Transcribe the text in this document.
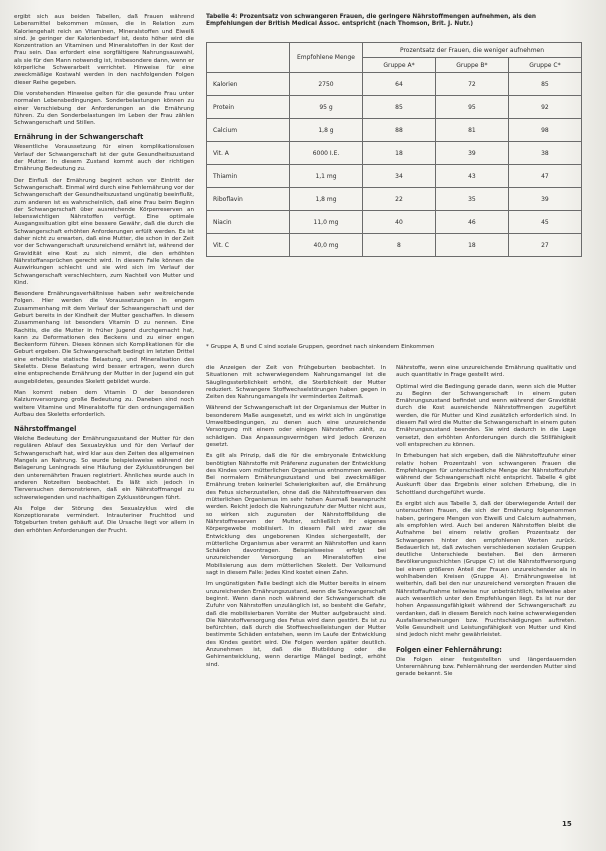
ergibt sich aus beiden Tabellen, daß Frauen während Lebensmittel bekommen müssen, die in Relation zum Kaloriengehalt reich an Vitaminen, Mineralstoffen und Eiweiß sind. Je geringer der Kalorienbedarf ist, desto höher wird die Konzentration an Vitaminen und Mineralstoffen in der Kost der Frau sein. Das erfordert eine sorgfältigere Nahrungsauswahl, als sie für den Mann notwendig ist, insbesondere dann, wenn er körperliche Schwerarbeit verrichtet. Hinweise für eine zweckmäßige Kostwahl werden in den nachfolgenden Folgen dieser Reihe gegeben.

Die vorstehenden Hinweise gelten für die gesunde Frau unter normalen Lebensbedingungen. Sonderbelastungen können zu einer Verschiebung der Anforderungen an die Ernährung führen. Zu den Sonderbelastungen im Leben der Frau zählen Schwangerschaft und Stillen.

Ernährung in der Schwangerschaft

Wesentliche Voraussetzung für einen komplikationslosen Verlauf der Schwangerschaft ist der gute Gesundheitszustand der Mutter. In diesem Zustand kommt auch der richtigen Ernährung Bedeutung zu.

Der Einfluß der Ernährung beginnt schon vor Eintritt der Schwangerschaft. Einmal wird durch eine Fehlernährung vor der Schwangerschaft der Gesundheitszustand ungünstig beeinflußt, zum anderen ist es wahrscheinlich, daß eine Frau beim Beginn der Schwangerschaft über ausreichende Körperreserven an lebenswichtigen Nährstoffen verfügt. Eine optimale Ausgangssituation gibt eine bessere Gewähr, daß die durch die Schwangerschaft erhöhten Anforderungen erfüllt werden. Es ist daher nicht zu erwarten, daß eine Mutter, die schon in der Zeit vor der Schwangerschaft unzureichend ernährt ist, während der Gravidität eine Kost zu sich nimmt, die den erhöhten Nährstoffansprüchen gerecht wird. In diesem Falle können die Auswirkungen schlecht und sie wird sich im Verlauf der Schwangerschaft verschlechtern, zum Nachteil von Mutter und Kind.

Besondere Ernährungsverhältnisse haben sehr weitreichende Folgen. Hier werden die Voraussetzungen in engem Zusammenhang mit dem Verlauf der Schwangerschaft und der Geburt bereits in der Kindheit der Mutter geschaffen. In diesem Zusammenhang ist besonders Vitamin D zu nennen. Eine Rachitis, die die Mutter in früher Jugend durchgemacht hat, kann zu Deformationen des Beckens und zu einer engen Beckenform führen. Dieses können sich Komplikationen für die Geburt ergeben. Die Schwangerschaft bedingt im letzten Drittel eine erhebliche statische Belastung, und Mineralisation des Skeletts. Diese Belastung wird besser ertragen, wenn durch eine entsprechende Ernährung der Mutter in der Jugend ein gut ausgebildetes, gesundes Skelett gebildet wurde.

Man kommt neben dem Vitamin D der besonderen Kalziumversorgung große Bedeutung zu. Daneben sind noch weitere Vitamine und Mineralstoffe für den ordnungsgemäßen Aufbau des Skeletts erforderlich.

Nährstoffmangel

Welche Bedeutung der Ernährungszustand der Mutter für den regulären Ablauf des Sexualzyklus und für den Verlauf der Schwangerschaft hat, wird klar aus den Zeiten des allgemeinen Mangels an Nahrung. So wurde beispielsweise während der Belagerung Leningrads eine Häufung der Zyklusstörungen bei den unterernährten Frauen registriert. Ähnliches wurde auch in anderen Notzeiten beobachtet. Es läßt sich jedoch in Tierversuchen demonstrieren, daß ein Nährstoffmangel zu schwerwiegenden und nachhaltigen Zyklusstörungen führt.

Als Folge der Störung des Sexualzyklus wird die Konzeptionsrate vermindert. Intrauteriner Fruchttod und Totgeburten treten gehäuft auf. Die Ursache liegt vor allem in den erhöhten Anforderungen der Frucht.

Tabelle 4: Prozentsatz von schwangeren Frauen, die geringere Nährstoffmengen aufnehmen, als den Empfehlungen der British Medical Assoc. entspricht (nach Thomson, Brit. J. Nutr.)
	Empfohlene Menge	Prozentsatz der Frauen, die weniger aufnehmen		
		Gruppe A*	Gruppe B*	Gruppe C*
Kalorien	2750	64	72	85
Protein	95 g	85	95	92
Calcium	1,8 g	88	81	98
Vit. A	6000 I.E.	18	39	38
Thiamin	1,1 mg	34	43	47
Riboflavin	1,8 mg	22	35	39
Niacin	11,0 mg	40	46	45
Vit. C	40,0 mg	8	18	27
* Gruppe A, B und C sind soziale Gruppen, geordnet nach sinkendem Einkommen

die Anzeigen der Zeit von Frühgeburten beobachtet. In Situationen mit schwerwiegendem Nahrungsmangel ist die Säuglingssterblichkeit erhöht, die Sterblichkeit der Mutter reduziert. Schwangere Stoffwechselstörungen haben gegen in Zeiten des Nahrungsmangels ihr vermindertes Zeitmaß.

Während der Schwangerschaft ist der Organismus der Mutter in besonderem Maße ausgesetzt, und es wirkt sich in ungünstige Umweltbedingungen, zu denen auch eine unzureichende Versorgung mit einem oder einigen Nährstoffen zählt, zu schädigen. Das Anpassungsvermögen wird jedoch Grenzen gesetzt.

Es gilt als Prinzip, daß die für die embryonale Entwicklung benötigten Nährstoffe mit Präferenz zugunsten der Entwicklung des Kindes vom mütterlichen Organismus entnommen werden. Bei normalem Ernährungszustand und bei zweckmäßiger Ernährung treten keinerlei Schwierigkeiten auf, die Ernährung des Fetus sicherzustellen, ohne daß die Nährstoffreserven des mütterlichen Organismus im sehr hohen Ausmaß beansprucht werden. Reicht jedoch die Nahrungszufuhr der Mutter nicht aus, so wirken sich zugunsten der Nährstoffbildung die Nährstoffreserven der Mutter, schließlich ihr eigenes Körpergewebe mobilisiert. In diesem Fall wird zwar die Entwicklung des ungeborenen Kindes sichergestellt, der mütterliche Organismus aber verarmt an Nährstoffen und kann Schäden davontragen. Beispielsweise erfolgt bei unzureichender Versorgung an Mineralstoffen eine Mobilisierung aus dem mütterlichen Skelett. Der Volksmund sagt in diesem Falle: Jedes Kind kostet einen Zahn.

Im ungünstigsten Falle bedingt sich die Mutter bereits in einem unzureichenden Ernährungszustand, wenn die Schwangerschaft beginnt. Wenn dann noch während der Schwangerschaft die Zufuhr von Nährstoffen unzulänglich ist, so besteht die Gefahr, daß die mobilisierbaren Vorräte der Mutter aufgebraucht sind. Die Nährstoffversorgung des Fetus wird dann gestört. Es ist zu befürchten, daß durch die Stoffwechselleistungen der Mutter bestimmte Schäden entstehen, wenn im Laufe der Entwicklung des Kindes gestört wird. Die Folgen werden später deutlich. Anzunehmen ist, daß die Blutbildung oder die Gehirnentwicklung, wenn derartige Mängel bedingt, erhöht sind.

Nährstoffe, wenn eine unzureichende Ernährung qualitativ und auch quantitativ in Frage gestellt wird.

Optimal wird die Bedingung gerade dann, wenn sich die Mutter zu Beginn der Schwangerschaft in einem guten Ernährungszustand befindet und wenn während der Gravidität durch die Kost ausreichende Nährstoffmengen zugeführt werden, die für Mutter und Kind zusätzlich erforderlich sind. In diesem Fall wird die Mutter die Schwangerschaft in einem guten Ernährungszustand beenden. Sie wird dadurch in die Lage versetzt, den erhöhten Anforderungen durch die Stillfähigkeit voll entsprechen zu können.

In Erhebungen hat sich ergeben, daß die Nährstoffzufuhr einer relativ hohen Prozentzahl von schwangeren Frauen die Empfehlungen für unterschiedliche Menge der Nährstoffzufuhr während der Schwangerschaft nicht entspricht. Tabelle 4 gibt Auskunft über das Ergebnis einer solchen Erhebung, die in Schottland durchgeführt wurde.

Es ergibt sich aus Tabelle 3, daß der überwiegende Anteil der untersuchten Frauen, die sich der Ernährung folgenommen haben, geringere Mengen von Eiweiß und Calcium aufnahmen, als empfohlen wird. Auch bei anderen Nährstoffen bleibt die Aufnahme bei einem relativ großen Prozentsatz der Schwangeren hinter den empfohlenen Werten zurück. Bedauerlich ist, daß zwischen verschiedenen sozialen Gruppen deutliche Unterschiede bestehen. Bei den ärmeren Bevölkerungsschichten (Gruppe C) ist die Nährstoffversorgung bei einem größeren Anteil der Frauen unzureichender als in wohlhabenden Kreisen (Gruppe A). Ernährungsweise ist weiterhin, daß bei den nur unzureichend versorgten Frauen die Nährstoffaufnahme teilweise nur unbeträchtlich, teilweise aber auch wesentlich unter den Empfehlungen liegt. Es ist nur der hohen Anpassungsfähigkeit während der Schwangerschaft zu verdanken, daß in diesem Bereich noch keine schwerwiegenden Ausfallserscheinungen bzw. Fruchtschädigungen auftreten. Volle Gesundheit und Leistungsfähigkeit von Mutter und Kind sind jedoch nicht mehr gewährleistet.

Folgen einer Fehlernährung:

Die Folgen einer festgestellten und längerdauernden Unterernährung bzw. Fehlernährung der werdenden Mutter sind gerade bekannt. Sie

15
